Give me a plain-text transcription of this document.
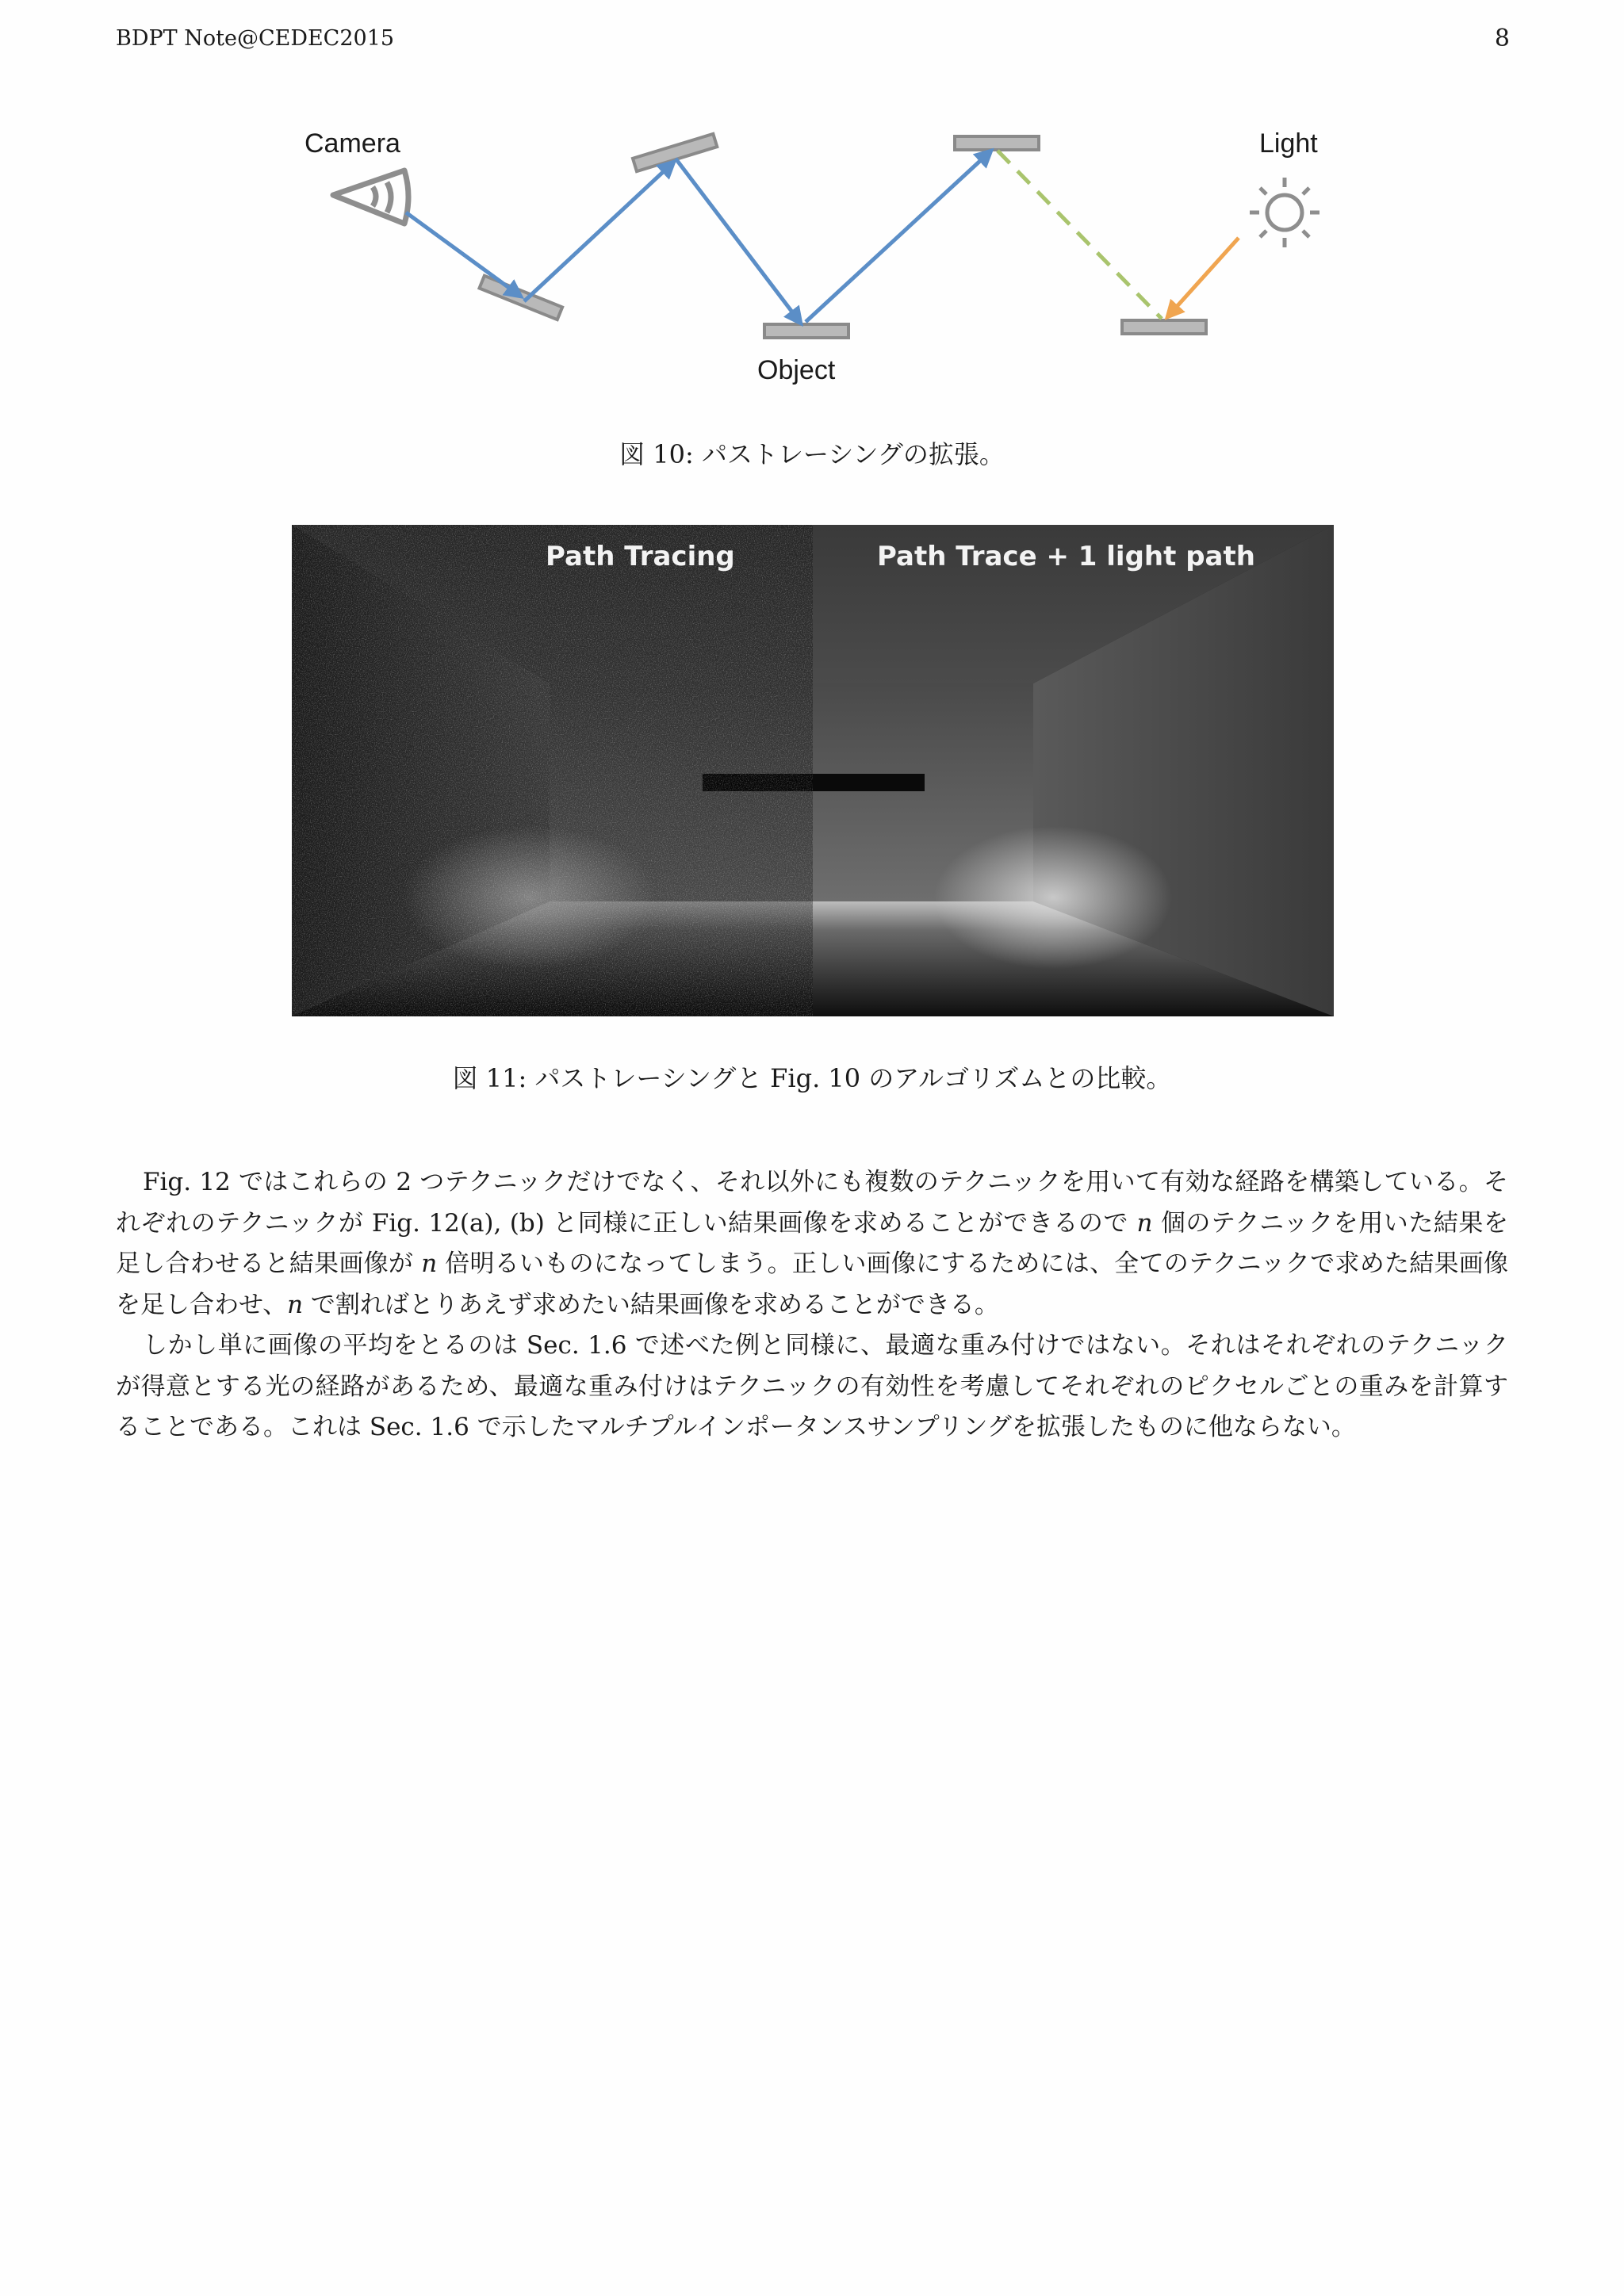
BDPT Note@CEDEC2015	8
Camera	Light
Object
図 10: パストレーシングの拡張。
Path Tracing	Path Trace + 1 light path
図 11: パストレーシングと Fig. 10 のアルゴリズムとの比較。

Fig. 12 ではこれらの 2 つテクニックだけでなく、それ以外にも複数のテクニックを用いて有効な経路を構築している。それぞれのテクニックが Fig. 12(a), (b) と同様に正しい結果画像を求めることができるので n 個のテクニックを用いた結果を足し合わせると結果画像が n 倍明るいものになってしまう。正しい画像にするためには、全てのテクニックで求めた結果画像を足し合わせ、n で割ればとりあえず求めたい結果画像を求めることができる。

しかし単に画像の平均をとるのは Sec. 1.6 で述べた例と同様に、最適な重み付けではない。それはそれぞれのテクニックが得意とする光の経路があるため、最適な重み付けはテクニックの有効性を考慮してそれぞれのピクセルごとの重みを計算することである。これは Sec. 1.6 で示したマルチプルインポータンスサンプリングを拡張したものに他ならない。
